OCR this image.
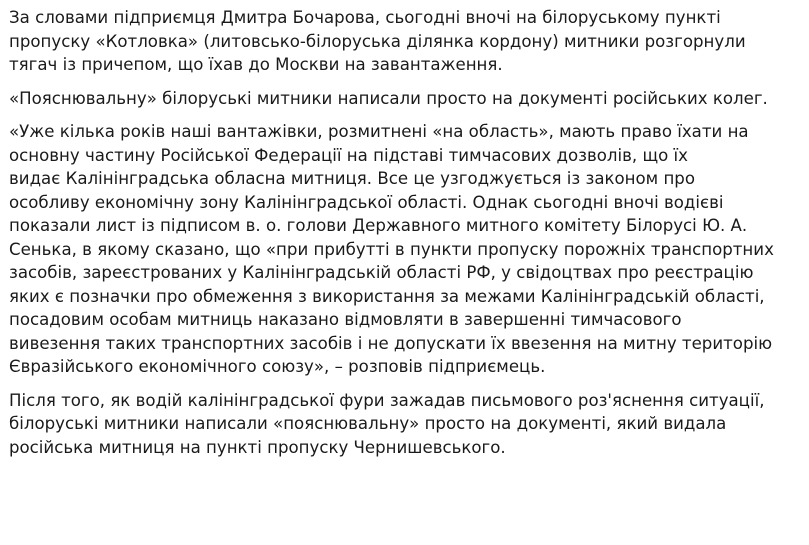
За словами підприємця Дмитра Бочарова, сьогодні вночі на білоруському пункті
пропуску «Котловка» (литовсько-білоруська ділянка кордону) митники розгорнули
тягач із причепом, що їхав до Москви на завантаження.

«Пояснювальну» білоруські митники написали просто на документі російських колег.

«Уже кілька років наші вантажівки, розмитнені «на область», мають право їхати на
основну частину Російської Федерації на підставі тимчасових дозволів, що їх
видає Калінінградська обласна митниця. Все це узгоджується із законом про
особливу економічну зону Калінінградської області. Однак сьогодні вночі водієві
показали лист із підписом в. о. голови Державного митного комітету Білорусі Ю. А.
Сенька, в якому сказано, що «при прибутті в пункти пропуску порожніх транспортних
засобів, зареєстрованих у Калінінградській області РФ, у свідоцтвах про реєстрацію
яких є позначки про обмеження з використання за межами Калінінградській області,
посадовим особам митниць наказано відмовляти в завершенні тимчасового
вивезення таких транспортних засобів і не допускати їх ввезення на митну територію
Євразійського економічного союзу», – розповів підприємець.

Після того, як водій калінінградської фури зажадав письмового роз'яснення ситуації,
білоруські митники написали «пояснювальну» просто на документі, який видала
російська митниця на пункті пропуску Чернишевського.
